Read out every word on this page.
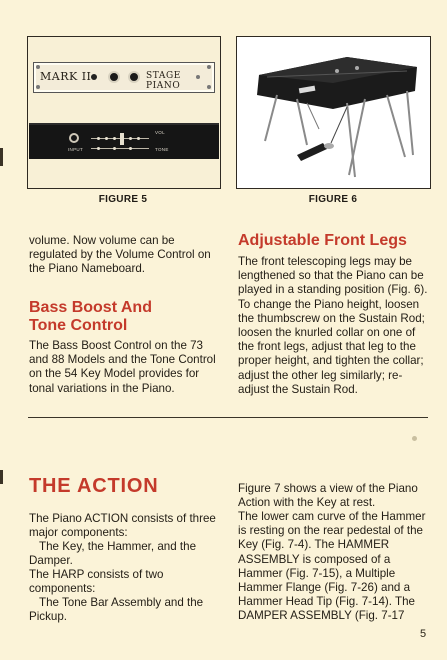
MARK II	STAGE PIANO
INPUT
VOL
TONE
FIGURE 5	FIGURE 6
volume. Now volume can be regulated by the Volume Control on the Piano Nameboard.
Bass Boost And
Tone Control
The Bass Boost Control on the 73 and 88 Models and the Tone Control on the 54 Key Model provides for tonal variations in the Piano.
Adjustable Front Legs
The front telescoping legs may be lengthened so that the Piano can be played in a standing position (Fig. 6). To change the Piano height, loosen the thumbscrew on the Sustain Rod; loosen the knurled collar on one of the front legs, adjust that leg to the proper height, and tighten the collar; adjust the other leg similarly; re-adjust the Sustain Rod.
THE ACTION
The Piano ACTION consists of three major components:
The Key, the Hammer, and the Damper.
The HARP consists of two components:
The Tone Bar Assembly and the Pickup.
Figure 7 shows a view of the Piano Action with the Key at rest.
The lower cam curve of the Hammer is resting on the rear pedestal of the Key (Fig. 7-4). The HAMMER ASSEMBLY is composed of a Hammer (Fig. 7-15), a Multiple Hammer Flange (Fig. 7-26) and a Hammer Head Tip (Fig. 7-14). The DAMPER ASSEMBLY (Fig. 7-17
5
